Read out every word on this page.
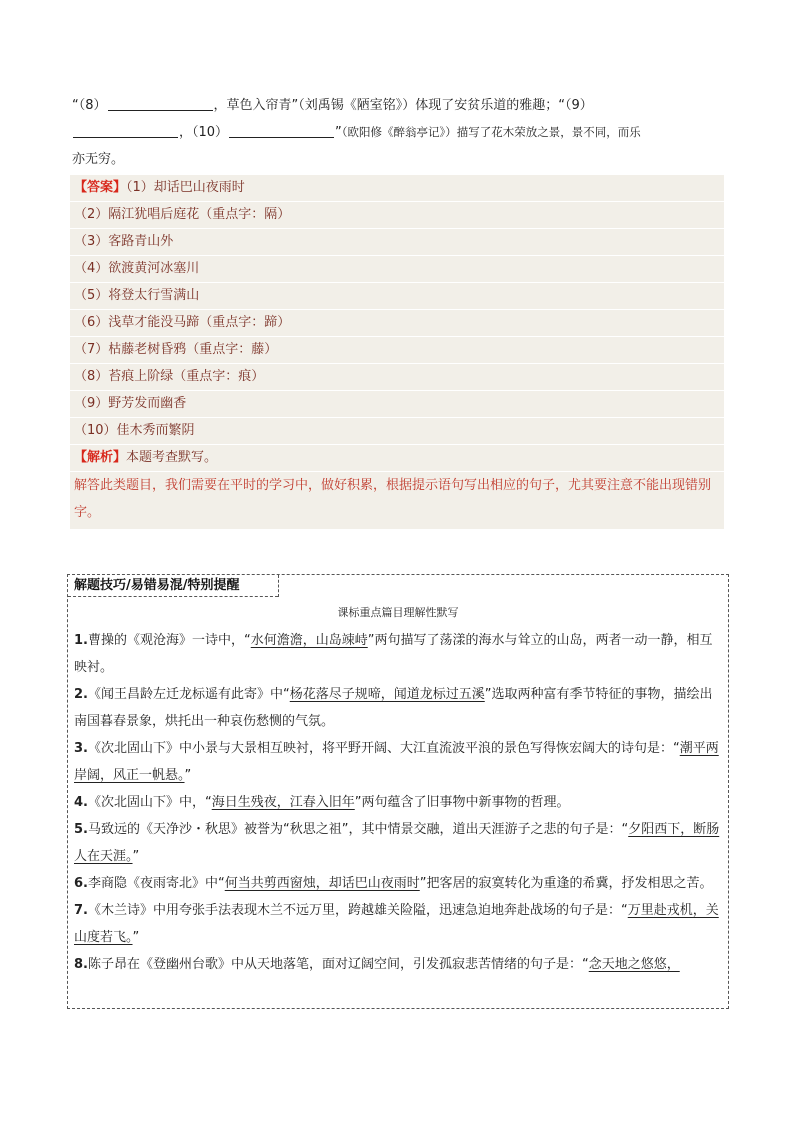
“（8）	，草色入帘青”（刘禹锡《陋室铭》）体现了安贫乐道的雅趣；“（9）
，（10）	”（欧阳修《醉翁亭记》）描写了花木荣放之景，景不同，而乐
亦无穷。
【答案】（1）却话巴山夜雨时
（2）隔江犹唱后庭花（重点字：隔）
（3）客路青山外
（4）欲渡黄河冰塞川
（5）将登太行雪满山
（6）浅草才能没马蹄（重点字：蹄）
（7）枯藤老树昏鸦（重点字：藤）
（8）苔痕上阶绿（重点字：痕）
（9）野芳发而幽香
（10）佳木秀而繁阴
【解析】本题考查默写。
解答此类题目，我们需要在平时的学习中，做好积累，根据提示语句写出相应的句子，尤其要注意不能出现错别字。
解题技巧/易错易混/特别提醒
课标重点篇目理解性默写
1.曹操的《观沧海》一诗中，“水何澹澹，山岛竦峙”两句描写了荡漾的海水与耸立的山岛，两者一动一静，相互映衬。
2.《闻王昌龄左迁龙标遥有此寄》中“杨花落尽子规啼，闻道龙标过五溪”选取两种富有季节特征的事物，描绘出南国暮春景象，烘托出一种哀伤愁恻的气氛。
3.《次北固山下》中小景与大景相互映衬，将平野开阔、大江直流波平浪的景色写得恢宏阔大的诗句是：“潮平两岸阔，风正一帆悬。”
4.《次北固山下》中，“海日生残夜，江春入旧年”两句蕴含了旧事物中新事物的哲理。
5.马致远的《天净沙・秋思》被誉为“秋思之祖”，其中情景交融，道出天涯游子之悲的句子是：“夕阳西下，断肠人在天涯。”
6.李商隐《夜雨寄北》中“何当共剪西窗烛，却话巴山夜雨时”把客居的寂寞转化为重逢的希冀，抒发相思之苦。
7.《木兰诗》中用夸张手法表现木兰不远万里，跨越雄关险隘，迅速急迫地奔赴战场的句子是：“万里赴戎机，关山度若飞。”
8.陈子昂在《登幽州台歌》中从天地落笔，面对辽阔空间，引发孤寂悲苦情绪的句子是：“念天地之悠悠，
